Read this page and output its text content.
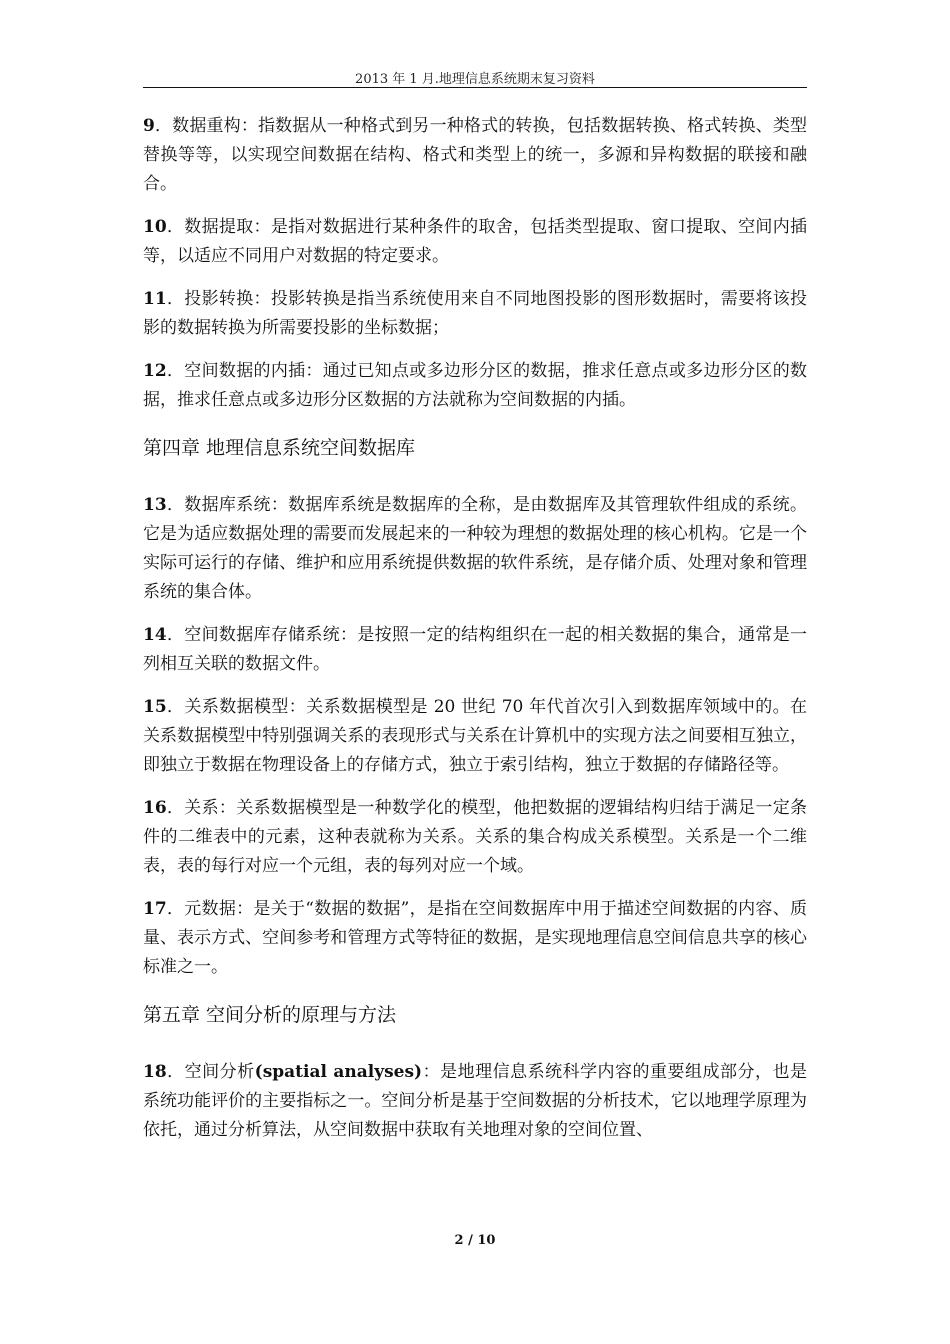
2013 年 1 月.地理信息系统期末复习资料

9．数据重构：指数据从一种格式到另一种格式的转换，包括数据转换、格式转换、类型替换等等，以实现空间数据在结构、格式和类型上的统一，多源和异构数据的联接和融合。

10．数据提取：是指对数据进行某种条件的取舍，包括类型提取、窗口提取、空间内插等，以适应不同用户对数据的特定要求。

11．投影转换：投影转换是指当系统使用来自不同地图投影的图形数据时，需要将该投影的数据转换为所需要投影的坐标数据；

12．空间数据的内插：通过已知点或多边形分区的数据，推求任意点或多边形分区的数据，推求任意点或多边形分区数据的方法就称为空间数据的内插。

第四章 地理信息系统空间数据库

13．数据库系统：数据库系统是数据库的全称，是由数据库及其管理软件组成的系统。它是为适应数据处理的需要而发展起来的一种较为理想的数据处理的核心机构。它是一个实际可运行的存储、维护和应用系统提供数据的软件系统，是存储介质、处理对象和管理系统的集合体。

14．空间数据库存储系统：是按照一定的结构组织在一起的相关数据的集合，通常是一列相互关联的数据文件。

15．关系数据模型：关系数据模型是 20 世纪 70 年代首次引入到数据库领域中的。在关系数据模型中特别强调关系的表现形式与关系在计算机中的实现方法之间要相互独立，即独立于数据在物理设备上的存储方式，独立于索引结构，独立于数据的存储路径等。

16．关系：关系数据模型是一种数学化的模型，他把数据的逻辑结构归结于满足一定条件的二维表中的元素，这种表就称为关系。关系的集合构成关系模型。关系是一个二维表，表的每行对应一个元组，表的每列对应一个域。

17．元数据：是关于“数据的数据”，是指在空间数据库中用于描述空间数据的内容、质量、表示方式、空间参考和管理方式等特征的数据，是实现地理信息空间信息共享的核心标准之一。

第五章 空间分析的原理与方法

18．空间分析(spatial analyses)：是地理信息系统科学内容的重要组成部分，也是系统功能评价的主要指标之一。空间分析是基于空间数据的分析技术，它以地理学原理为依托，通过分析算法，从空间数据中获取有关地理对象的空间位置、

2 / 10
